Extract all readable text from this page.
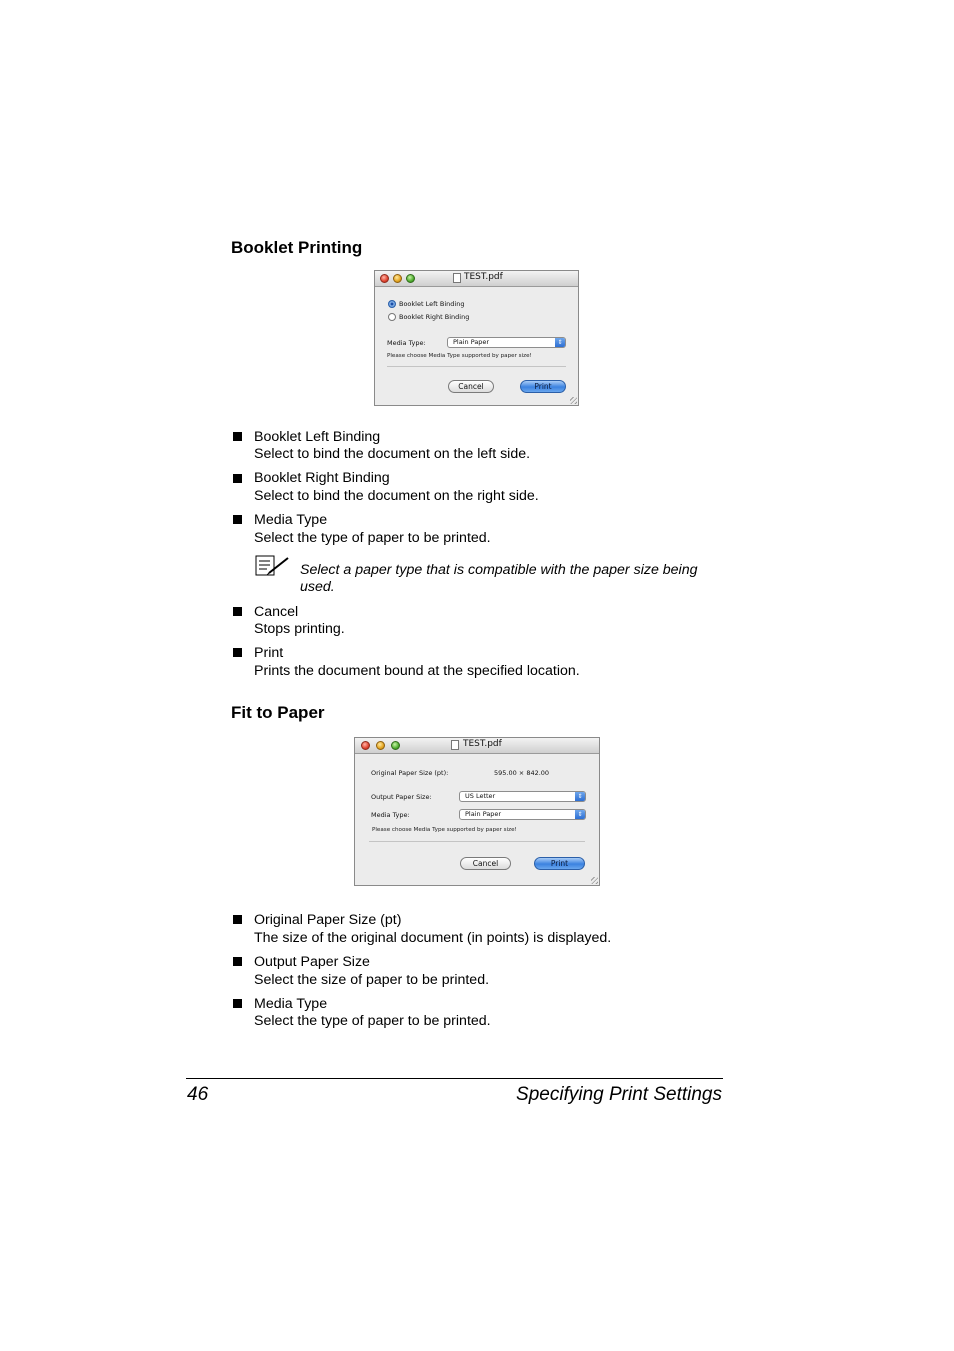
Booklet Printing
TEST.pdf
Booklet Left Binding
Booklet Right Binding
Media Type:	Plain Paper	⇕
Please choose Media Type supported by paper size!
Cancel	Print
Booklet Left Binding
Select to bind the document on the left side.
Booklet Right Binding
Select to bind the document on the right side.
Media Type
Select the type of paper to be printed.
Select a paper type that is compatible with the paper size being
used.
Cancel
Stops printing.
Print
Prints the document bound at the specified location.
Fit to Paper
TEST.pdf
Original Paper Size (pt):	595.00 × 842.00
Output Paper Size:	US Letter	⇕
Media Type:	Plain Paper	⇕
Please choose Media Type supported by paper size!
Cancel	Print
Original Paper Size (pt)
The size of the original document (in points) is displayed.
Output Paper Size
Select the size of paper to be printed.
Media Type
Select the type of paper to be printed.
46	Specifying Print Settings
